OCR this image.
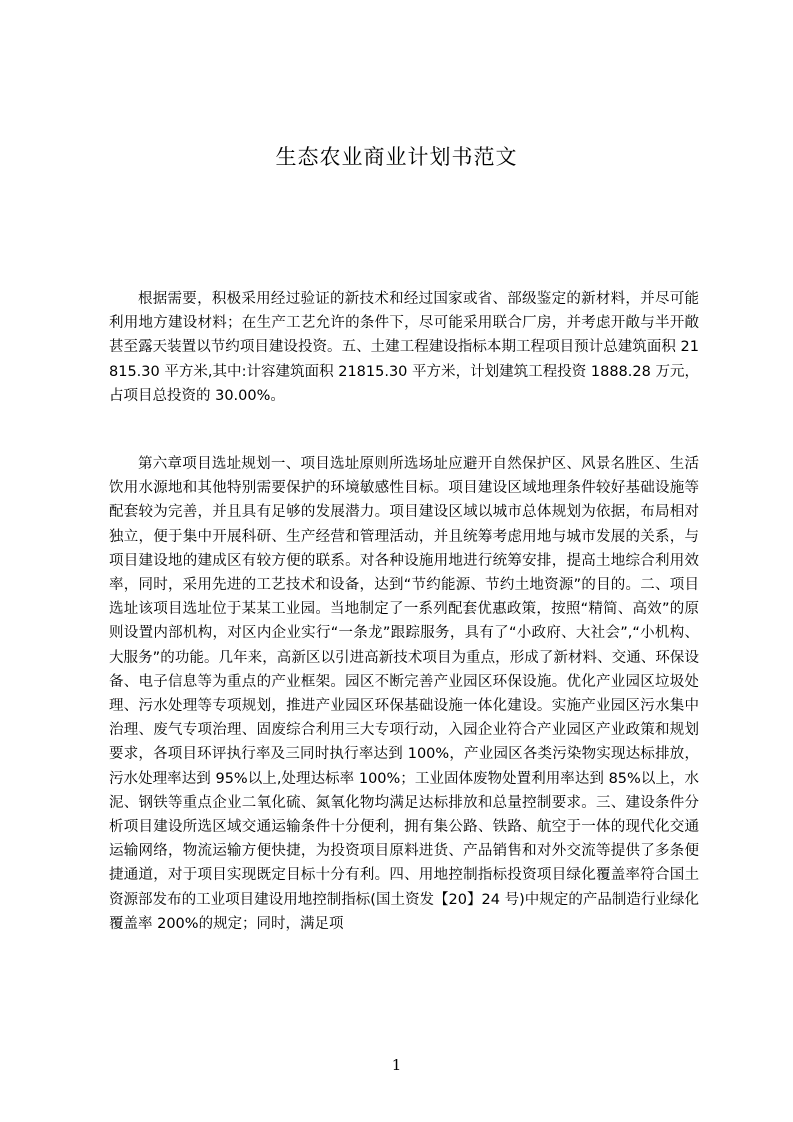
生态农业商业计划书范文

根据需要，积极采用经过验证的新技术和经过国家或省、部级鉴定的新材料，并尽可能利用地方建设材料；在生产工艺允许的条件下，尽可能采用联合厂房，并考虑开敞与半开敞甚至露天装置以节约项目建设投资。五、土建工程建设指标本期工程项目预计总建筑面积 21815.30 平方米,其中:计容建筑面积 21815.30 平方米，计划建筑工程投资 1888.28 万元，占项目总投资的 30.00%。

第六章项目选址规划一、项目选址原则所选场址应避开自然保护区、风景名胜区、生活饮用水源地和其他特别需要保护的环境敏感性目标。项目建设区域地理条件较好基础设施等配套较为完善，并且具有足够的发展潜力。项目建设区域以城市总体规划为依据，布局相对独立，便于集中开展科研、生产经营和管理活动，并且统筹考虑用地与城市发展的关系，与项目建设地的建成区有较方便的联系。对各种设施用地进行统筹安排，提高土地综合利用效率，同时，采用先进的工艺技术和设备，达到“节约能源、节约土地资源”的目的。二、项目选址该项目选址位于某某工业园。当地制定了一系列配套优惠政策，按照“精简、高效”的原则设置内部机构，对区内企业实行“一条龙”跟踪服务，具有了“小政府、大社会”,“小机构、大服务”的功能。几年来，高新区以引进高新技术项目为重点，形成了新材料、交通、环保设备、电子信息等为重点的产业框架。园区不断完善产业园区环保设施。优化产业园区垃圾处理、污水处理等专项规划，推进产业园区环保基础设施一体化建设。实施产业园区污水集中治理、废气专项治理、固废综合利用三大专项行动，入园企业符合产业园区产业政策和规划要求，各项目环评执行率及三同时执行率达到 100%，产业园区各类污染物实现达标排放，污水处理率达到 95%以上,处理达标率 100%；工业固体废物处置利用率达到 85%以上，水泥、钢铁等重点企业二氧化硫、氮氧化物均满足达标排放和总量控制要求。三、建设条件分析项目建设所选区域交通运输条件十分便利，拥有集公路、铁路、航空于一体的现代化交通运输网络，物流运输方便快捷，为投资项目原料进货、产品销售和对外交流等提供了多条便捷通道，对于项目实现既定目标十分有利。四、用地控制指标投资项目绿化覆盖率符合国土资源部发布的工业项目建设用地控制指标(国土资发【20】24 号)中规定的产品制造行业绿化覆盖率 200%的规定；同时，满足项

1
